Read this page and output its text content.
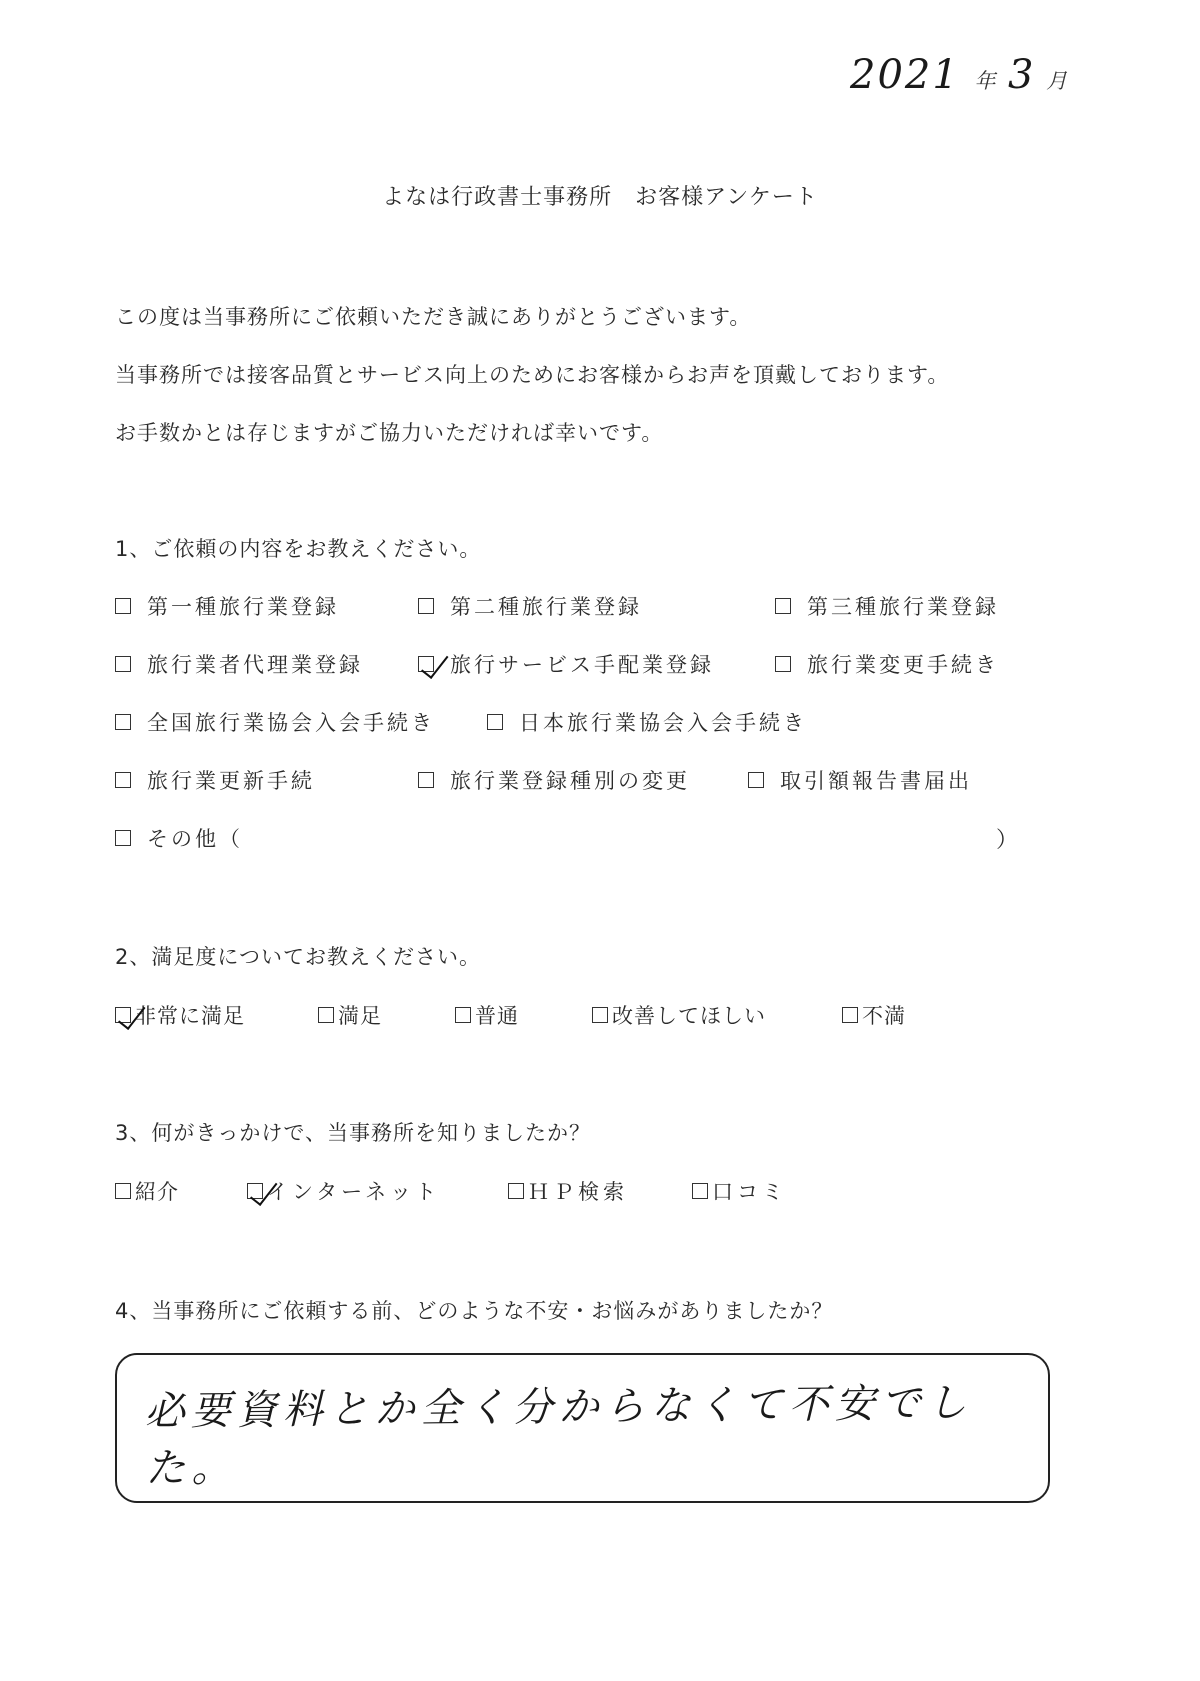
2021 年 3 月
よなは行政書士事務所　お客様アンケート
この度は当事務所にご依頼いただき誠にありがとうございます。
当事務所では接客品質とサービス向上のためにお客様からお声を頂戴しております。
お手数かとは存じますがご協力いただければ幸いです。
1、ご依頼の内容をお教えください。
第一種旅行業登録	第二種旅行業登録	第三種旅行業登録
旅行業者代理業登録	旅行サービス手配業登録	旅行業変更手続き
全国旅行業協会入会手続き	日本旅行業協会入会手続き
旅行業更新手続	旅行業登録種別の変更	取引額報告書届出
その他（	）
2、満足度についてお教えください。
非常に満足	満足	普通	改善してほしい	不満
3、何がきっかけで、当事務所を知りましたか？
紹介	インターネット	ＨＰ検索	口コミ
4、当事務所にご依頼する前、どのような不安・お悩みがありましたか？
必要資料とか全く分からなくて不安でした。
